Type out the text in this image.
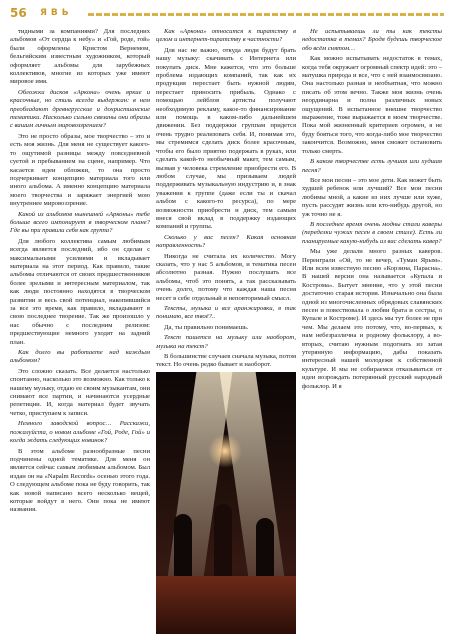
56 ЯВЬ

тидными за компаниями? Для последних альбомов «От сердца к небу» и «Гой, роде, гой» были оформлены Кристом Вернемом, бельгийским известным художником, который оформляет альбомы для зарубежных коллективов, многие из которых уже имеют мировое имя.

Обложки дисков «Аркона» очень яркие и красочные, но стиль всегда выдержан: в нем преобладают древнерусские и дохристианские тематики. Насколько сильно связаны они образы с вашим личным мировоззрением?

Это не просто образы, мое творчество – это и есть моя жизнь. Для меня не существует какого-то ощутимой разницы между повседневной суетой и пребыванием на сцене, например. Что касается идеи обложки, то она просто подчеркивает концепцию материала того или иного альбома. А именно концепцию материала моего творчества и заряжает энергией мою внутреннее мировоззрение.

Какой из альбомов нынешней «Арконы» тебе больше всего импонирует в творческом плане? Где вы при правили себя как группа?

Для любого коллектива самым любимым всегда является последний, ибо он сделан с максимальными усилиями и вкладывает материала на этот период. Как правило, такие альбомы отличаются от своих предшественников более зрелыми и интересным материалом, так как люди постоянно находятся в творческом развитии и весь свой потенциал, накопившийся за все это время, как правило, вкладывают в свою последнее творение. Так же произошло у нас обычно с последним релизом: предшествующие немного уходят на задний план.

Как долго вы работаете над каждым альбомом?

Это сложно сказать. Все делается настолько спонтанно, насколько это возможно. Как только к нашему музыку, отдаю ее своим музыкантам, они снимают все партии, и начинаются усердные репетиции. И, когда материал будет звучать четко, приступаем к записи.

Немного заводской вопрос… Расскажи, пожалуйста, о новом альбоме «Гой, Роде, Гой» и когда ждать следующих новинок?

В этом альбоме разнообразные песни подчинены одной тематике. Для меня он является сейчас самым любимым альбомом. Был издан он на «Napalm Records» осенью этого года. О следующем альбоме пока не буду говорить, так как новой написано всего несколько вещей, которые войдут в него. Они пока не имеют названия.

Как «Аркона» относится к пиратству в целом и интернет-пиратству в частности?

Для нас не важно, откуда люди будут брать нашу музыку: скачивать с Интернета или покупать диск. Мне кажется, что это больше проблема издающих компаний, так как их продукция перестает быть нужной людям, перестает приносить прибыль. Однако с помощью лейблов артисты получают необходимую рекламу, какое-то финансирование или помощь в каком-либо дальнейшем движении. Без поддержки группам придется очень трудно реализовать себя. И, понимая это, мы стремимся сделать диск более красочным, чтобы его было приятно подержать в руках, или сделать какой-то необычный макет, тем самым, вызвав у человека стремление приобрести его. В любом случае, мы призываем людей поддерживать музыкальную индустрию и, в знак уважения к группе (даже если ты и скачал альбом с какого-то ресурса), по мере возможности приобрести и диск, тем самым внеся свой вклад в поддержку издающих компаний и группы.

Сколько у вас песен? Какая основная направленность?

Никогда не считала их количество. Могу сказать, что у нас 5 альбомов, и тематика песен абсолютно разная. Нужно послушать все альбомы, чтоб это понять, а так рассказывать очень долго, потому что каждая наша песня несет в себе отдельный и неповторимый смысл.

Тексты, музыка и все аранжировки, я так понимаю, все твоё?..

Да, ты правильно понимаешь.

Текст пишется на музыку или наоборот, музыка на текст?

В большинстве случаев сначала музыка, потом текст. Но очень редко бывает и наоборот.

Не испытываешь ли ты как тексты недостатка в темах? Бродя будешь творческое обо всём снятом…

Как можно испытывать недостаток в темах, когда тебя окружает огромный спектр идей: это – матушка природа и все, что с ней взаимосвязано. Она настолько разная и необъятная, что можно писать об этом вечно. Также моя жизнь очень неординарна и полна различных новых ощущений. В испытанное внешне творчество выражение, тоже выражается в моем творчестве. Пока мой жизненный критериев огромен, я не буду бояться того, что когда-либо мое творчество закончится. Возможно, меня сможет остановить только смерть.

В каком творчестве есть лучшая или худшая песня?

Все мои песни – это мое дети. Как может быть худшей ребенок или лучший? Все мои песни любимы мной, а какие из них лучше или хуже, пусть рассудят жизнь или кто-нибудь другой, но уж точно не я.

В последнее время очень модны стали каверы (переделки чужих песен в своем стиле). Есть ли планируемые какую-нибудь из вас сделать кавер?

Мы уже делали много разных каверов. Переиграли «Ой, то не вечер, «Туман Ярым». Или всем известную песню «Корзина, Парасна». В нашей версии она называется «Купала и Кострома». Бытует мнение, что у этой песни достаточно старая история. Изначально она была одной из многочисленных обрядовых славянских песен и повествовала о любви брата и сестры, о Купале и Костроме). И здесь мы тут более не при чем. Мы делаем это потому, что, во-первых, к нам небезразлична и родному фольклору, а во-вторых, считаю нужным подогнать из затая утерянную информацию, дабы показать интересный нашей молодежи к собственной культуре. И мы не собираемся отказываться от идеи возрождать потерянный русский народный фольклор. И я
